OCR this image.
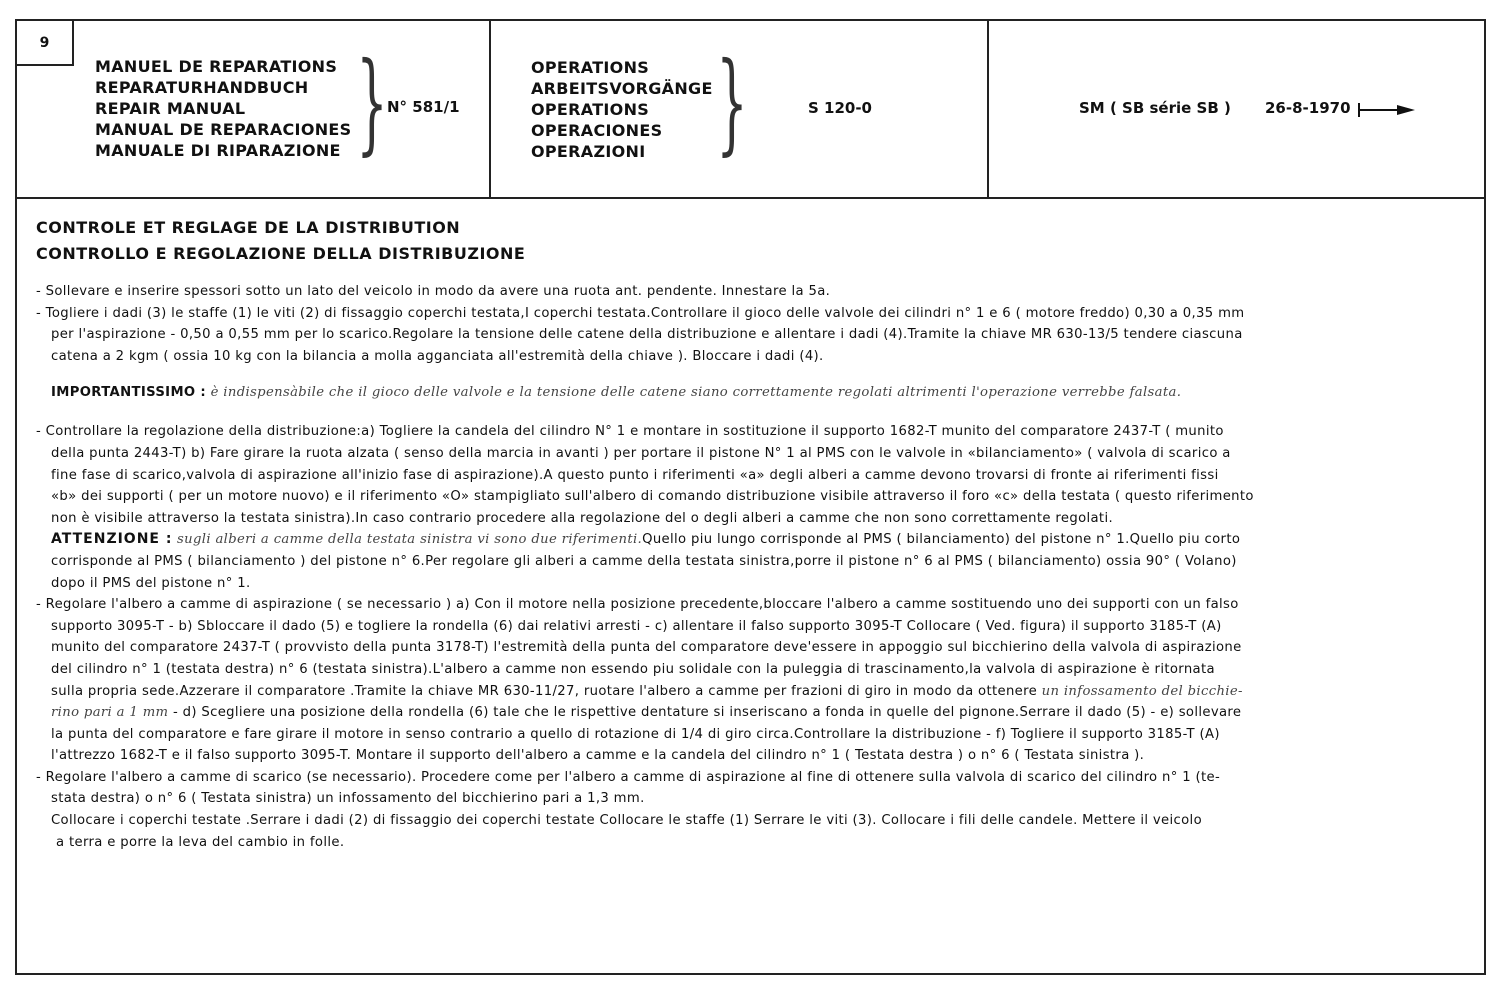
9
MANUEL DE REPARATIONS
REPARATURHANDBUCH
REPAIR MANUAL
MANUAL DE REPARACIONES
MANUALE DI RIPARAZIONE } N° 581/1
OPERATIONS
ARBEITSVORGÄNGE
OPERATIONS
OPERACIONES
OPERAZIONI }	S 120-0	SM ( SB série SB ) 26-8-1970
CONTROLE ET REGLAGE DE LA DISTRIBUTION
CONTROLLO E REGOLAZIONE DELLA DISTRIBUZIONE

- Sollevare e inserire spessori sotto un lato del veicolo in modo da avere una ruota ant. pendente. Innestare la 5a.

- Togliere i dadi (3) le staffe (1) le viti (2) di fissaggio coperchi testata,I coperchi testata.Controllare il gioco delle valvole dei cilindri n° 1 e 6 ( motore freddo) 0,30 a 0,35 mm
per l'aspirazione - 0,50 a 0,55 mm per lo scarico.Regolare la tensione delle catene della distribuzione e allentare i dadi (4).Tramite la chiave MR 630-13/5 tendere ciascuna
catena a 2 kgm ( ossia 10 kg con la bilancia a molla agganciata all'estremità della chiave ). Bloccare i dadi (4).

IMPORTANTISSIMO : è indispensàbile che il gioco delle valvole e la tensione delle catene siano correttamente regolati altrimenti l'operazione verrebbe falsata.

- Controllare la regolazione della distribuzione:a) Togliere la candela del cilindro N° 1 e montare in sostituzione il supporto 1682-T munito del comparatore 2437-T ( munito
della punta 2443-T) b) Fare girare la ruota alzata ( senso della marcia in avanti ) per portare il pistone N° 1 al PMS con le valvole in «bilanciamento» ( valvola di scarico a
fine fase di scarico,valvola di aspirazione all'inizio fase di aspirazione).A questo punto i riferimenti «a» degli alberi a camme devono trovarsi di fronte ai riferimenti fissi
«b» dei supporti ( per un motore nuovo) e il riferimento «O» stampigliato sull'albero di comando distribuzione visibile attraverso il foro «c» della testata ( questo riferimento
non è visibile attraverso la testata sinistra).In caso contrario procedere alla regolazione del o degli alberi a camme che non sono correttamente regolati.
ATTENZIONE : sugli alberi a camme della testata sinistra vi sono due riferimenti.Quello piu lungo corrisponde al PMS ( bilanciamento) del pistone n° 1.Quello piu corto
corrisponde al PMS ( bilanciamento ) del pistone n° 6.Per regolare gli alberi a camme della testata sinistra,porre il pistone n° 6 al PMS ( bilanciamento) ossia 90° ( Volano)
dopo il PMS del pistone n° 1.

- Regolare l'albero a camme di aspirazione ( se necessario ) a) Con il motore nella posizione precedente,bloccare l'albero a camme sostituendo uno dei supporti con un falso
supporto 3095-T - b) Sbloccare il dado (5) e togliere la rondella (6) dai relativi arresti - c) allentare il falso supporto 3095-T Collocare ( Ved. figura) il supporto 3185-T (A)
munito del comparatore 2437-T ( provvisto della punta 3178-T) l'estremità della punta del comparatore deve'essere in appoggio sul bicchierino della valvola di aspirazione
del cilindro n° 1 (testata destra) n° 6 (testata sinistra).L'albero a camme non essendo piu solidale con la puleggia di trascinamento,la valvola di aspirazione è ritornata
sulla propria sede.Azzerare il comparatore .Tramite la chiave MR 630-11/27, ruotare l'albero a camme per frazioni di giro in modo da ottenere un infossamento del bicchie-
rino pari a 1 mm - d) Scegliere una posizione della rondella (6) tale che le rispettive dentature si inseriscano a fonda in quelle del pignone.Serrare il dado (5) - e) sollevare
la punta del comparatore e fare girare il motore in senso contrario a quello di rotazione di 1/4 di giro circa.Controllare la distribuzione - f) Togliere il supporto 3185-T (A)
l'attrezzo 1682-T e il falso supporto 3095-T. Montare il supporto dell'albero a camme e la candela del cilindro n° 1 ( Testata destra ) o n° 6 ( Testata sinistra ).

- Regolare l'albero a camme di scarico (se necessario). Procedere come per l'albero a camme di aspirazione al fine di ottenere sulla valvola di scarico del cilindro n° 1 (te-
stata destra) o n° 6 ( Testata sinistra) un infossamento del bicchierino pari a 1,3 mm.
Collocare i coperchi testate .Serrare i dadi (2) di fissaggio dei coperchi testate Collocare le staffe (1) Serrare le viti (3). Collocare i fili delle candele. Mettere il veicolo
a terra e porre la leva del cambio in folle.
